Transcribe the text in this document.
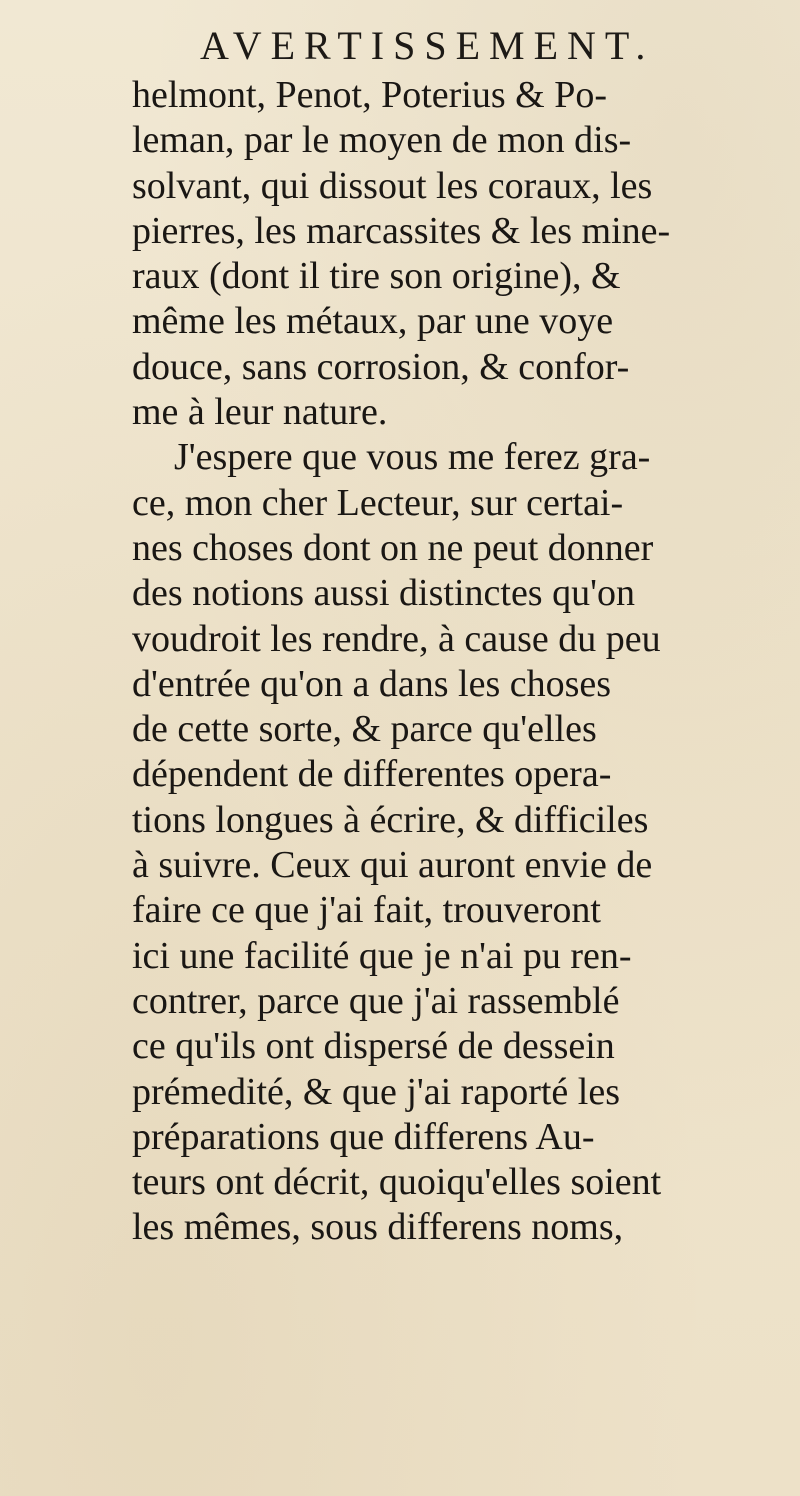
AVERTISSEMENT.
helmont, Penot, Poterius & Po-
leman, par le moyen de mon dis-
solvant, qui dissout les coraux, les
pierres, les marcassites & les mine-
raux (dont il tire son origine), &
même les métaux, par une voye
douce, sans corrosion, & confor-
me à leur nature.
J'espere que vous me ferez gra-
ce, mon cher Lecteur, sur certai-
nes choses dont on ne peut donner
des notions aussi distinctes qu'on
voudroit les rendre, à cause du peu
d'entrée qu'on a dans les choses
de cette sorte, & parce qu'elles
dépendent de differentes opera-
tions longues à écrire, & difficiles
à suivre. Ceux qui auront envie de
faire ce que j'ai fait, trouveront
ici une facilité que je n'ai pu ren-
contrer, parce que j'ai rassemblé
ce qu'ils ont dispersé de dessein
prémedité, & que j'ai raporté les
préparations que differens Au-
teurs ont décrit, quoiqu'elles soient
les mêmes, sous differens noms,
